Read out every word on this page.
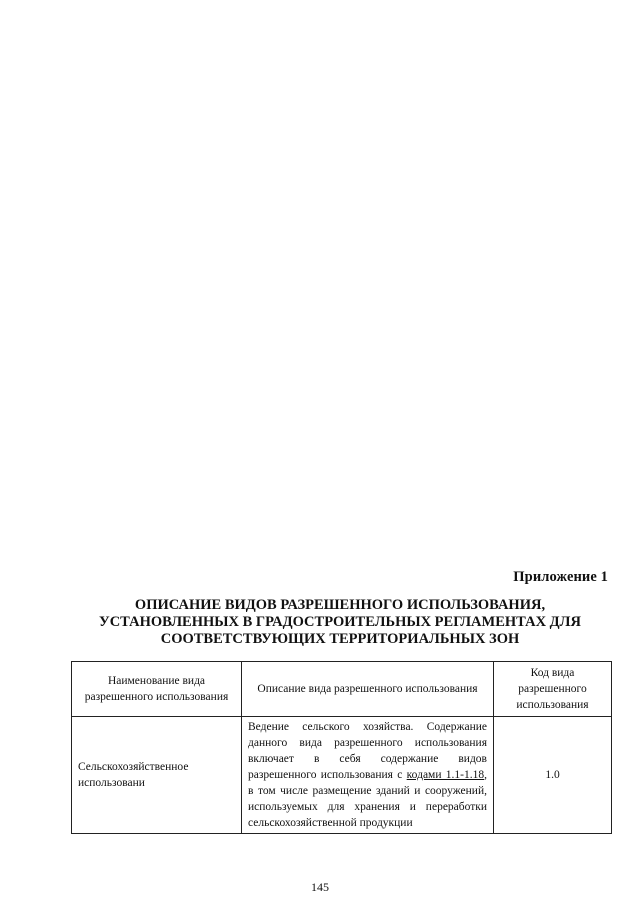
Приложение 1
ОПИСАНИЕ ВИДОВ РАЗРЕШЕННОГО ИСПОЛЬЗОВАНИЯ,
УСТАНОВЛЕННЫХ В ГРАДОСТРОИТЕЛЬНЫХ РЕГЛАМЕНТАХ ДЛЯ
СООТВЕТСТВУЮЩИХ ТЕРРИТОРИАЛЬНЫХ ЗОН
Наименование вида разрешенного использования	Описание вида разрешенного использования	Код вида разрешенного использования
Сельскохозяйственное использовани	Ведение сельского хозяйства. Содержание данного вида разрешенного использования включает в себя содержание видов разрешенного использования с кодами 1.1-1.18, в том числе размещение зданий и сооружений, используемых для хранения и переработки сельскохозяйственной продукции	1.0
145
